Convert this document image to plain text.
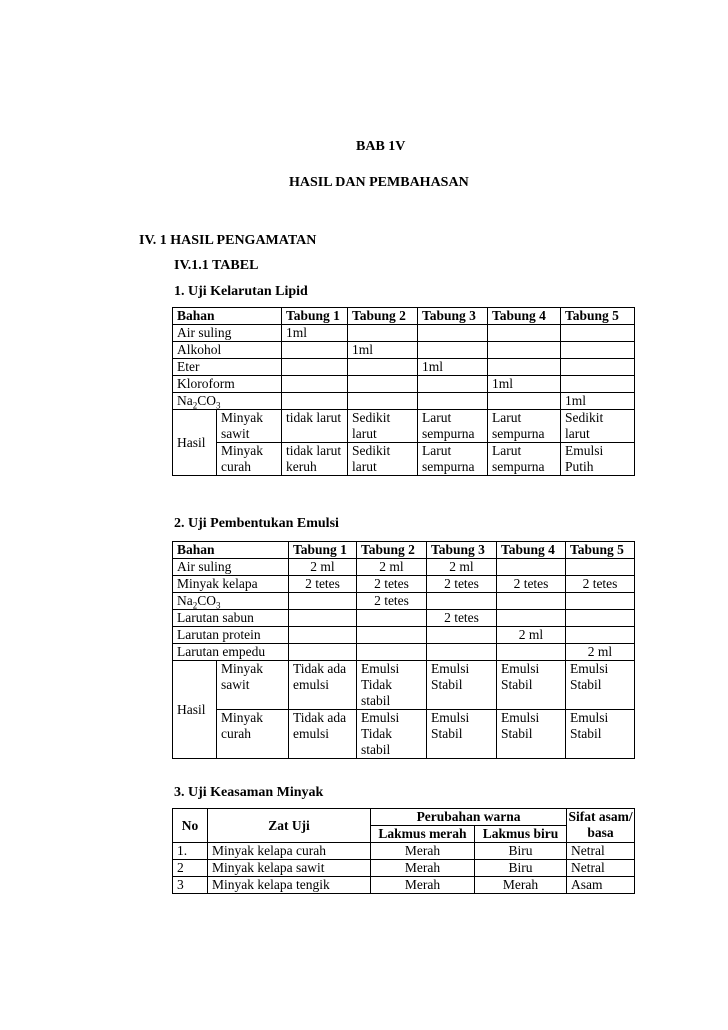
BAB 1V
HASIL DAN PEMBAHASAN
IV. 1 HASIL PENGAMATAN
IV.1.1 TABEL
1. Uji Kelarutan Lipid
Bahan		Tabung 1	Tabung 2	Tabung 3	Tabung 4	Tabung 5
Air suling		1ml				
Alkohol			1ml			
Eter				1ml		
Kloroform					1ml	
$Na_2CO_3$						1ml
Hasil	Minyak sawit	tidak larut	Sedikit larut	Larut sempurna	Larut sempurna	Sedikit larut
	Minyak curah	tidak larut keruh	Sedikit larut	Larut sempurna	Larut sempurna	Emulsi Putih
2. Uji Pembentukan Emulsi
Bahan		Tabung 1	Tabung 2	Tabung 3	Tabung 4	Tabung 5
Air suling		2 ml	2 ml	2 ml		
Minyak kelapa		2 tetes	2 tetes	2 tetes	2 tetes	2 tetes
$Na_2CO_3$			2 tetes			
Larutan sabun				2 tetes		
Larutan protein					2 ml	
Larutan empedu						2 ml
Hasil	Minyak sawit	Tidak ada emulsi	Emulsi Tidak stabil	Emulsi Stabil	Emulsi Stabil	Emulsi Stabil
	Minyak curah	Tidak ada emulsi	Emulsi Tidak stabil	Emulsi Stabil	Emulsi Stabil	Emulsi Stabil
3. Uji Keasaman Minyak
No	Zat Uji	Perubahan warna		Sifat asam/ basa
		Lakmus merah	Lakmus biru	
1.	Minyak kelapa curah	Merah	Biru	Netral
2	Minyak kelapa sawit	Merah	Biru	Netral
3	Minyak kelapa tengik	Merah	Merah	Asam
